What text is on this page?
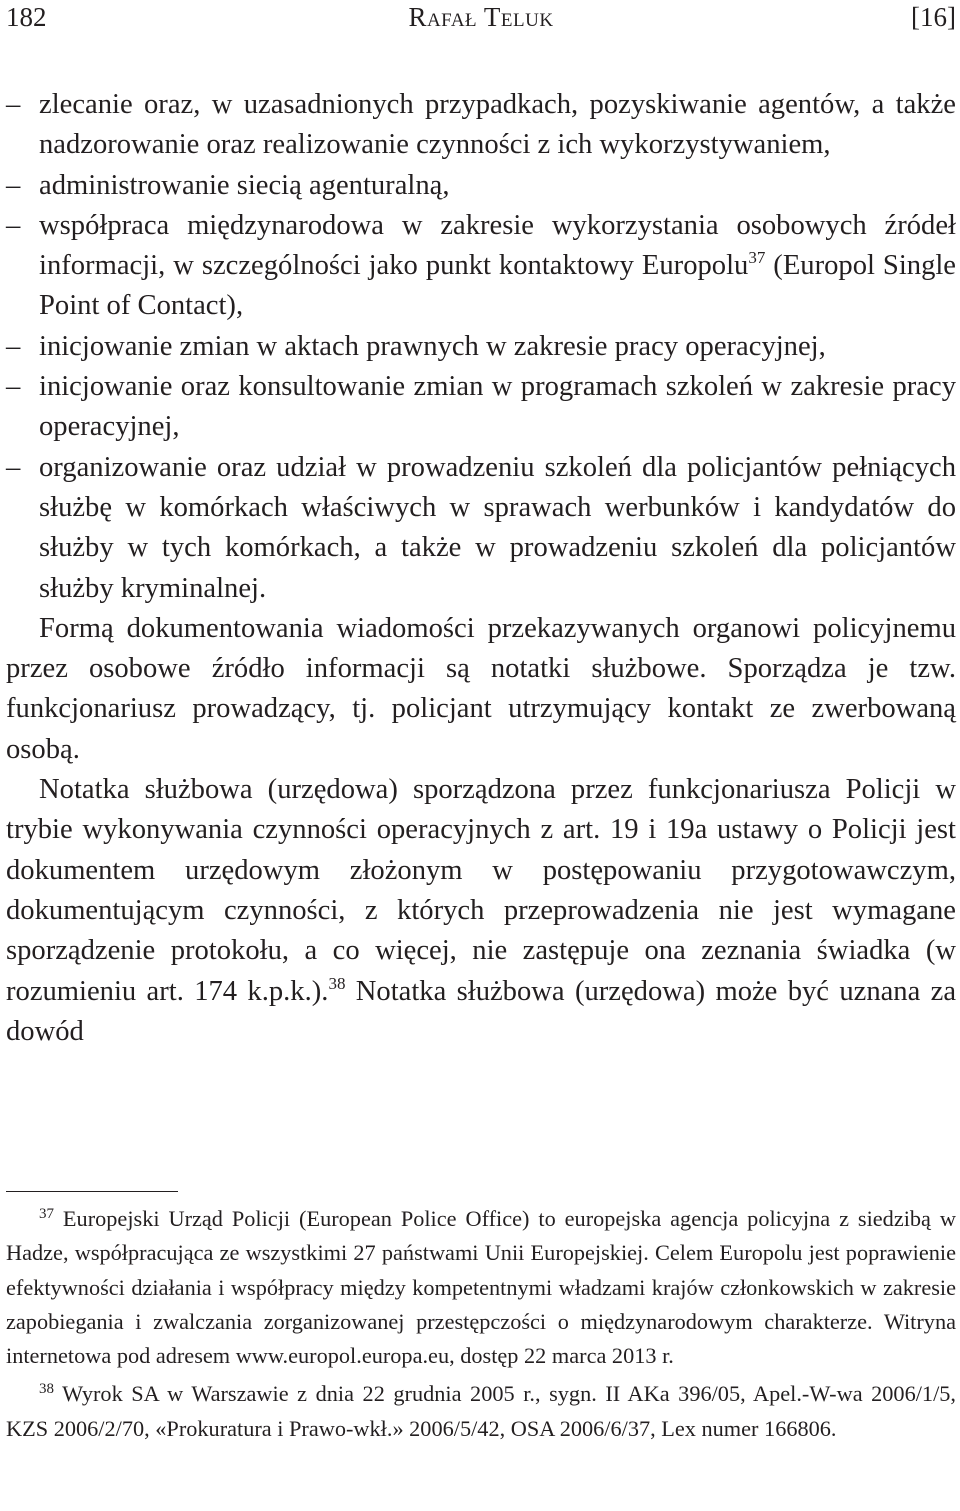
182	Rafał Teluk	[16]
– zlecanie oraz, w uzasadnionych przypadkach, pozyskiwanie agentów, a także nadzorowanie oraz realizowanie czynności z ich wykorzystywaniem,
– administrowanie siecią agenturalną,
– współpraca międzynarodowa w zakresie wykorzystania osobowych źródeł informacji, w szczególności jako punkt kontaktowy Europolu$^{37}$ (Europol Single Point of Contact),
– inicjowanie zmian w aktach prawnych w zakresie pracy operacyjnej,
– inicjowanie oraz konsultowanie zmian w programach szkoleń w zakresie pracy operacyjnej,
– organizowanie oraz udział w prowadzeniu szkoleń dla policjantów pełniących służbę w komórkach właściwych w sprawach werbunków i kandydatów do służby w tych komórkach, a także w prowadzeniu szkoleń dla policjantów służby kryminalnej.
Formą dokumentowania wiadomości przekazywanych organowi policyjnemu przez osobowe źródło informacji są notatki służbowe. Sporządza je tzw. funkcjonariusz prowadzący, tj. policjant utrzymujący kontakt ze zwerbowaną osobą.
Notatka służbowa (urzędowa) sporządzona przez funkcjonariusza Policji w trybie wykonywania czynności operacyjnych z art. 19 i 19a ustawy o Policji jest dokumentem urzędowym złożonym w postępowaniu przygotowawczym, dokumentującym czynności, z których przeprowadzenia nie jest wymagane sporządzenie protokołu, a co więcej, nie zastępuje ona zeznania świadka (w rozumieniu art. 174 k.p.k.).$^{38}$ Notatka służbowa (urzędowa) może być uznana za dowód
$^{37}$ Europejski Urząd Policji (European Police Office) to europejska agencja policyjna z siedzibą w Hadze, współpracująca ze wszystkimi 27 państwami Unii Europejskiej. Celem Europolu jest poprawienie efektywności działania i współpracy między kompetentnymi władzami krajów członkowskich w zakresie zapobiegania i zwalczania zorganizowanej przestępczości o międzynarodowym charakterze. Witryna internetowa pod adresem www.europol.europa.eu, dostęp 22 marca 2013 r.
$^{38}$ Wyrok SA w Warszawie z dnia 22 grudnia 2005 r., sygn. II AKa 396/05, Apel.-W-wa 2006/1/5, KZS 2006/2/70, «Prokuratura i Prawo-wkł.» 2006/5/42, OSA 2006/6/37, Lex numer 166806.
